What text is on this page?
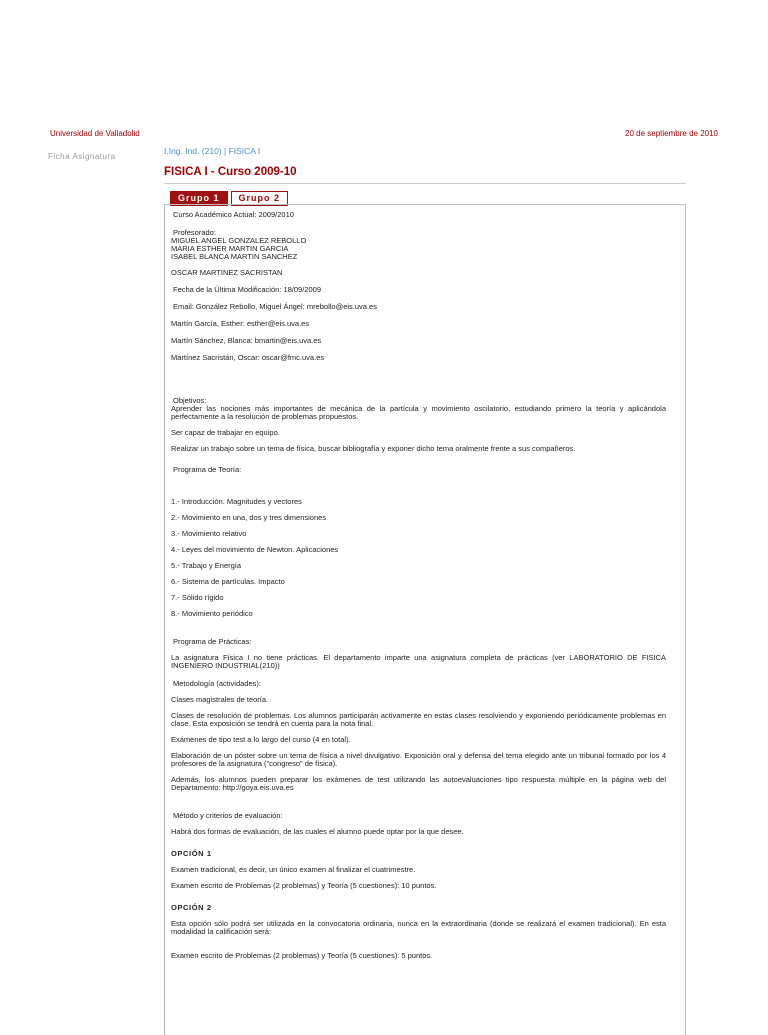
Universidad de Valladolid	20 de septiembre de 2010
Ficha Asignatura
I.Ing. Ind. (210) | FISICA I
FISICA I - Curso 2009-10
Grupo 1	Grupo 2

Curso Académico Actual: 2009/2010

Profesorado:

MIGUEL ANGEL GONZALEZ REBOLLO

MARIA ESTHER MARTIN GARCIA

ISABEL BLANCA MARTIN SANCHEZ

OSCAR MARTINEZ SACRISTAN

Fecha de la Última Modificación: 18/09/2009

Email: González Rebollo, Miguel Ángel: mrebollo@eis.uva.es

Martín García, Esther: esther@eis.uva.es

Martín Sánchez, Blanca: bmartin@eis.uva.es

Martínez Sacristán, Oscar: oscar@fmc.uva.es

Objetivos:

Aprender las nociones más importantes de mecánica de la partícula y movimiento oscilatorio, estudiando primero la teoría y aplicándola perfectamente a la resolución de problemas propuestos.

Ser capaz de trabajar en equipo.

Realizar un trabajo sobre un tema de física, buscar bibliografía y exponer dicho tema oralmente frente a sus compañeros.

Programa de Teoría:

1.- Introducción. Magnitudes y vectores

2.- Movimiento en una, dos y tres dimensiones

3.- Movimiento relativo

4.- Leyes del movimiento de Newton. Aplicaciones

5.- Trabajo y Energía

6.- Sistema de partículas. Impacto

7.- Sólido rígido

8.- Movimiento periódico

Programa de Prácticas:

La asignatura Física I no tiene prácticas. El departamento imparte una asignatura completa de prácticas (ver LABORATORIO DE FISICA INGENIERO INDUSTRIAL(210))

Metodología (actividades):

Clases magistrales de teoría.

Clases de resolución de problemas. Los alumnos participarán activamente en estas clases resolviendo y exponiendo periódicamente problemas en clase. Esta exposición se tendrá en cuenta para la nota final.

Exámenes de tipo test a lo largo del curso (4 en total).

Elaboración de un póster sobre un tema de física a nivel divulgativo. Exposición oral y defensa del tema elegido ante un tribunal formado por los 4 profesores de la asignatura ("congreso" de física).

Además, los alumnos pueden preparar los exámenes de test utilizando las autoevaluaciones tipo respuesta múltiple en la página web del Departamento: http://goya.eis.uva.es

Método y criterios de evaluación:

Habrá dos formas de evaluación, de las cuales el alumno puede optar por la que desee.

OPCIÓN 1

Examen tradicional, es decir, un único examen al finalizar el cuatrimestre.

Examen escrito de Problemas (2 problemas) y Teoría (5 cuestiones): 10 puntos.

OPCIÓN 2

Esta opción sólo podrá ser utilizada en la convocatoria ordinaria, nunca en la extraordinaria (donde se realizará el examen tradicional). En esta modalidad la calificación será:

Examen escrito de Problemas (2 problemas) y Teoría (5 cuestiones): 5 puntos.
